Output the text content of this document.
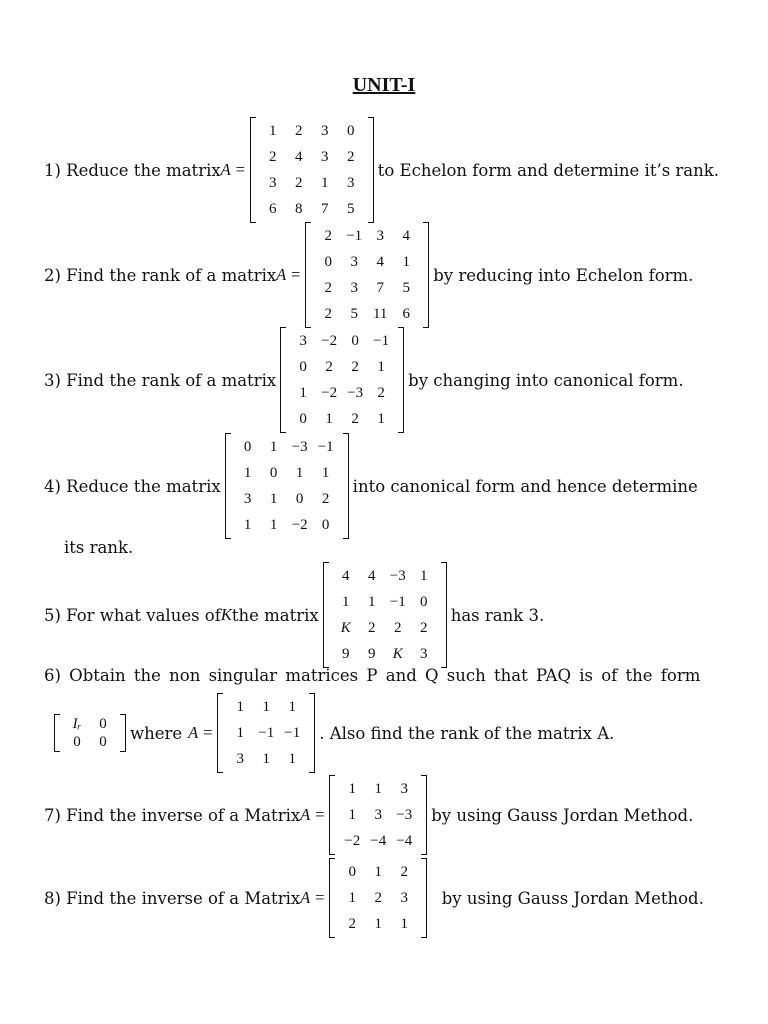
UNIT-I
1) Reduce the matrix A =
1	2	3	0
2	4	3	2
3	2	1	3
6	8	7	5
to Echelon form and determine it’s rank.
2) Find the rank of a matrix A =
2 −1 3	4
0	3	4	1
2	3	7	5
2	5	11	6
by reducing into Echelon form.
3) Find the rank of a matrix
3 −2 0 −1
0	2	2	1
1 −2 −3 2
0	1	2	1
by changing into canonical form.
4) Reduce the matrix
0	1 −3 −1
1	0	1	1
3	1	0	2
1	1 −2 0
into canonical form and hence determine
its rank.
5) For what values of K the matrix
4	4 −3 1
1	1 −1 0
K	2	2	2
9	9	K	3
has rank 3.
6) Obtain the non singular matrices P and Q such that PAQ is of the form
Iᵣ	0
0	0	where A =
1	1	1
1 −1 −1
3	1	1
. Also find the rank of the matrix A.
7) Find the inverse of a Matrix A =
1	1	3
1	3 −3
−2 −4 −4
by using Gauss Jordan Method.
8) Find the inverse of a Matrix A =
0	1	2
1	2	3
2	1	1
by using Gauss Jordan Method.
